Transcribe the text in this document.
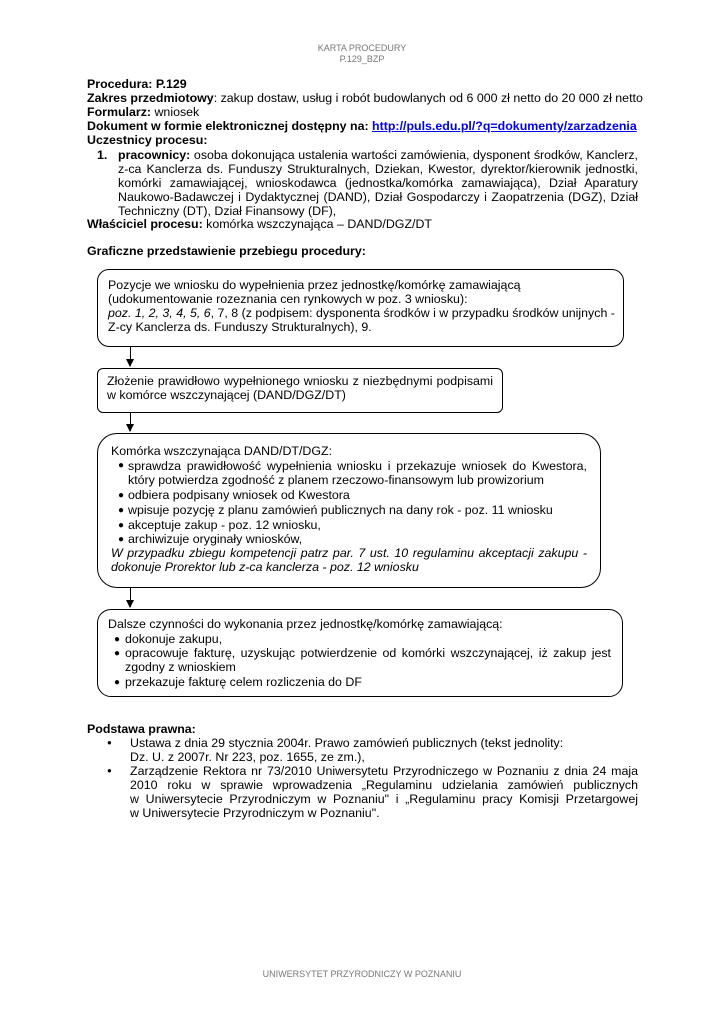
KARTA PROCEDURY
P.129_BZP
Procedura: P.129
Zakres przedmiotowy: zakup dostaw, usług i robót budowlanych od 6 000 zł netto do 20 000 zł netto
Formularz: wniosek
Dokument w formie elektronicznej dostępny na: http://puls.edu.pl/?q=dokumenty/zarzadzenia
Uczestnicy procesu:
1. pracownicy: osoba dokonująca ustalenia wartości zamówienia, dysponent środków, Kanclerz,
z-ca Kanclerza ds. Funduszy Strukturalnych, Dziekan, Kwestor, dyrektor/kierownik jednostki,
komórki zamawiającej, wnioskodawca (jednostka/komórka zamawiająca), Dział Aparatury
Naukowo-Badawczej i Dydaktycznej (DAND), Dział Gospodarczy i Zaopatrzenia (DGZ), Dział
Techniczny (DT), Dział Finansowy (DF),
Właściciel procesu: komórka wszczynająca – DAND/DGZ/DT
Graficzne przedstawienie przebiegu procedury:
Pozycje we wniosku do wypełnienia przez jednostkę/komórkę zamawiającą
(udokumentowanie rozeznania cen rynkowych w poz. 3 wniosku):
poz. 1, 2, 3, 4, 5, 6, 7, 8 (z podpisem: dysponenta środków i w przypadku środków unijnych -
Z-cy Kanclerza ds. Funduszy Strukturalnych), 9.
Złożenie prawidłowo wypełnionego wniosku z niezbędnymi podpisami
w komórce wszczynającej (DAND/DGZ/DT)
Komórka wszczynająca DAND/DT/DGZ:
● sprawdza prawidłowość wypełnienia wniosku i przekazuje wniosek do Kwestora,
który potwierdza zgodność z planem rzeczowo-finansowym lub prowizorium
● odbiera podpisany wniosek od Kwestora
● wpisuje pozycję z planu zamówień publicznych na dany rok - poz. 11 wniosku
● akceptuje zakup - poz. 12 wniosku,
● archiwizuje oryginały wniosków,
W przypadku zbiegu kompetencji patrz par. 7 ust. 10 regulaminu akceptacji zakupu -
dokonuje Prorektor lub z-ca kanclerza - poz. 12 wniosku
Dalsze czynności do wykonania przez jednostkę/komórkę zamawiającą:
● dokonuje zakupu,
● opracowuje fakturę, uzyskując potwierdzenie od komórki wszczynającej, iż zakup jest
zgodny z wnioskiem
● przekazuje fakturę celem rozliczenia do DF
Podstawa prawna:
● Ustawa z dnia 29 stycznia 2004r. Prawo zamówień publicznych (tekst jednolity:
Dz. U. z 2007r. Nr 223, poz. 1655, ze zm.),
● Zarządzenie Rektora nr 73/2010 Uniwersytetu Przyrodniczego w Poznaniu z dnia 24 maja
2010 roku w sprawie wprowadzenia „Regulaminu udzielania zamówień publicznych
w Uniwersytecie Przyrodniczym w Poznaniu" i „Regulaminu pracy Komisji Przetargowej
w Uniwersytecie Przyrodniczym w Poznaniu".
UNIWERSYTET PRZYRODNICZY W POZNANIU
